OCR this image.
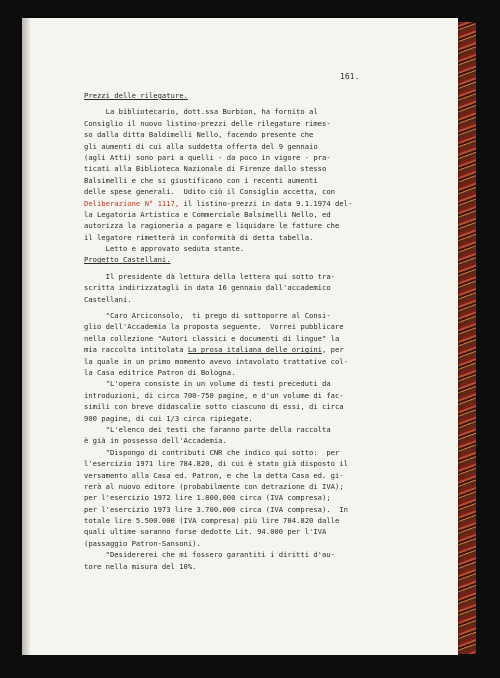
161.
Prezzi delle rilegature.
La bibliotecario, dott.ssa Burbion, ha fornito al
Consiglio il nuovo listino-prezzi delle rilegature rimes-
so dalla ditta Baldimelli Nello, facendo presente che
gli aumenti di cui alla suddetta offerta del 9 gennaio
(agli Atti) sono pari a quelli - da poco in vigore - pra-
ticati alla Biblioteca Nazionale di Firenze dallo stesso
Balsimelli e che si giustificano con i recenti aumenti
delle spese generali.  Udito ciò il Consiglio accetta, con
Deliberazione N° 1117, il listino-prezzi in data 9.1.1974 del-
la Legatoria Artistica e Commerciale Balsimelli Nello, ed
autorizza la ragioneria a pagare e liquidare le fatture che
il legatore rimetterà in conformità di detta tabella.
Letto e approvato seduta stante.
Progetto Castellani.
Il presidente dà lettura della lettera qui sotto tra-
scritta indirizzatagli in data 16 gennaio dall'accademico
Castellani.
"Caro Arciconsolo,  ti prego di sottoporre al Consi-
glio dell'Accademia la proposta seguente.  Vorrei pubblicare
nella collezione "Autori classici e documenti di lingue" la
mia raccolta intitolata La prosa italiana delle origini, per
la quale in un primo momento avevo intavolato trattative col-
la Casa editrice Patron di Bologna.
"L'opera consiste in un volume di testi preceduti da
introduzioni, di circa 700-750 pagine, e d'un volume di fac-
simili con breve didascalie sotto ciascuno di essi, di circa
900 pagine, di cui 1/3 circa ripiegate.
"L'elenco dei testi che faranno parte della raccolta
è già in possesso dell'Accademia.
"Dispongo di contributi CNR che indico qui sotto:  per
l'esercizio 1971 lire 784.820, di cui è stato già disposto il
versamento alla Casa ed. Patron, e che la detta Casa ed. gi-
rerà al nuovo editore (probabilmente con detrazione di IVA);
per l'esercizio 1972 lire 1.800.000 circa (IVA compresa);
per l'esercizio 1973 lire 3.700.000 circa (IVA compresa).  In
totale lire 5.500.000 (IVA compresa) più lire 784.820 dalle
quali ultime saranno forse dedotte Lit. 94.000 per l'IVA
(passaggio Patron-Sansoni).
"Desidererei che mi fossero garantiti i diritti d'au-
tore nella misura del 10%.
